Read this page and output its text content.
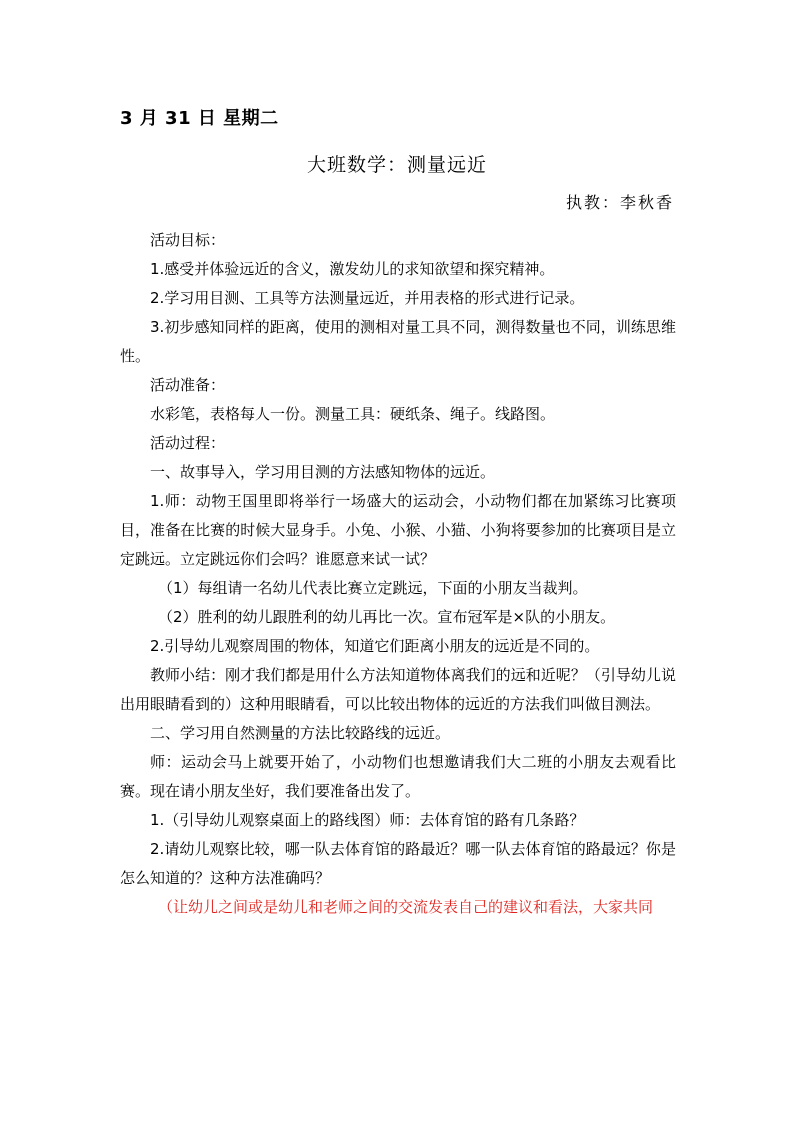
3 月 31 日 星期二
大班数学：测量远近
执教：李秋香

活动目标：

1.感受并体验远近的含义，激发幼儿的求知欲望和探究精神。

2.学习用目测、工具等方法测量远近，并用表格的形式进行记录。

3.初步感知同样的距离，使用的测相对量工具不同，测得数量也不同，训练思维性。

活动准备：

水彩笔，表格每人一份。测量工具：硬纸条、绳子。线路图。

活动过程：

一、故事导入，学习用目测的方法感知物体的远近。

1.师：动物王国里即将举行一场盛大的运动会，小动物们都在加紧练习比赛项目，准备在比赛的时候大显身手。小兔、小猴、小猫、小狗将要参加的比赛项目是立定跳远。立定跳远你们会吗？谁愿意来试一试？

（1）每组请一名幼儿代表比赛立定跳远，下面的小朋友当裁判。

（2）胜利的幼儿跟胜利的幼儿再比一次。宣布冠军是×队的小朋友。

2.引导幼儿观察周围的物体，知道它们距离小朋友的远近是不同的。

教师小结：刚才我们都是用什么方法知道物体离我们的远和近呢？（引导幼儿说出用眼睛看到的）这种用眼睛看，可以比较出物体的远近的方法我们叫做目测法。

二、学习用自然测量的方法比较路线的远近。

师：运动会马上就要开始了，小动物们也想邀请我们大二班的小朋友去观看比赛。现在请小朋友坐好，我们要准备出发了。

1.（引导幼儿观察桌面上的路线图）师：去体育馆的路有几条路？

2.请幼儿观察比较，哪一队去体育馆的路最近？哪一队去体育馆的路最远？你是怎么知道的？这种方法准确吗？

（让幼儿之间或是幼儿和老师之间的交流发表自己的建议和看法，大家共同
